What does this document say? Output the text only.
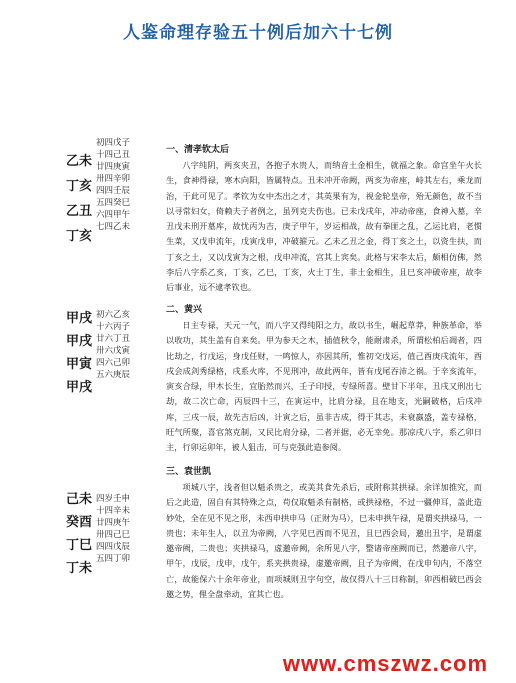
人鉴命理存验五十例后加六十七例
乙未
丁亥
乙丑
丁亥
初四戊子
十四己丑
廿四庚寅
卅四辛卯
四四壬辰
五四癸巳
六四甲午
七四乙未
一、清孝钦太后

八字纯阴，两亥夹丑，各抱子水贵人，而纳音土金相生，就福之象。命宫坐午火长生，食神得禄，寒木向阳，皆属特点。丑未冲开帝阙，两亥为帝座，峙其左右，乘龙而治，于此可见了。孝钦为女中杰出之才，其英果有为，视金轮皇帝，殆无颜色，故不当以寻常妇女，倚赖夫子者例之，虽列克夫伤也。已未戊戌年，冲动帝座，食神入墓，辛丑戊未刑开墓库，故忧丙为吉，庚子甲午，岁运相战，故有拳匪之乱，乙运比肩，老惯生菜，又戊申流年，戊寅戊申，冲破箍元。乙未乙丑之金，得丁亥之土，以资生扶，而丁亥之土，又以戊寅为之根，戊申冲流，宫其上宾矣。此格与宋李太后，颇相仿佛，然李后八字系乙亥，丁亥，乙巳，丁亥，火土丁生，非土金相生，且巳亥冲破帝座，故李后事业，远不逮孝钦也。

甲戌
甲戌
甲寅
甲戌
初六乙亥
十六丙子
廿六丁丑
卅六戊寅
四六己卯
五六庚辰
二、黄兴

日主专禄，天元一气，而八字又得纯阳之力，故以书生，崛起草莽，种族革命，举以收功，其生盖有自来矣。甲为参天之木，插值秋令，能耐肃杀，所谓松柏后凋者，四比劫之，行戊运，身戊任财，一鸣惊人，亦因其所，惟初交戊运，值己酉庚戌流年，酉戌会成剑秀绿格，戌系火库，不见刑冲，故此两年，皆有戊尾吞沛之祸。于辛亥流年，寅亥合绿，甲木长生，宜胎然而兴，壬子印授，专绿所喜。壁甘下半年，丑戌又刑出七劫，故二次亡命，丙辰四十三，在寅运中，比肩分禄，且在地支，光嗣破格，后戌冲库，三戌一辰，故先吉后凶，计寅之后，虽非吉成，得于其志，未衰嬴盛，盖专禄格，旺气所聚，喜官煞克制，又民比肩分禄，二者并据，必无幸免。那凉戌八字，系乙卯日主，行卯运卯年，被人狙击，可与克强此造参阅。

己未
癸酉
丁巳
丁未
四岁壬申
十四辛未
廿四庚午
卅四己巳
四四戊辰
五四丁卯
三、袁世凯

项城八字，浅者但以魁杀贵之，或美其食先杀后，或附称其拱禄。余详加推究，而后之此造，固自有其特殊之点，苟仅取魁杀有制格，或拱禄格，不过一疆伸耳，盖此造妙处，全在见不见之形，未西申拱申马（正财为马），巳未申拱午禄，是谓夹拱禄马，一贵也；未年生人，以丑为帝阙，八字见巳西而不见丑，且巳西会局，邀出丑字，是谓虚邀帝阙，二贵也；夹拱禄马，虚邀帝阙，余所见八字，整诸帝座阙而已，然邀帝八字，甲午，戊辰，戊申，戊午，系夹拱贵禄，虚邀帝阙，且子为帝阙，在戊申句内，不落空亡，故能保六十余年帝业，而项城则丑字句空，故仅得八十三日称制，卯西相破巳西会邀之势，俚全盘牵动，宜其亡也。

www.cmszwz.com
